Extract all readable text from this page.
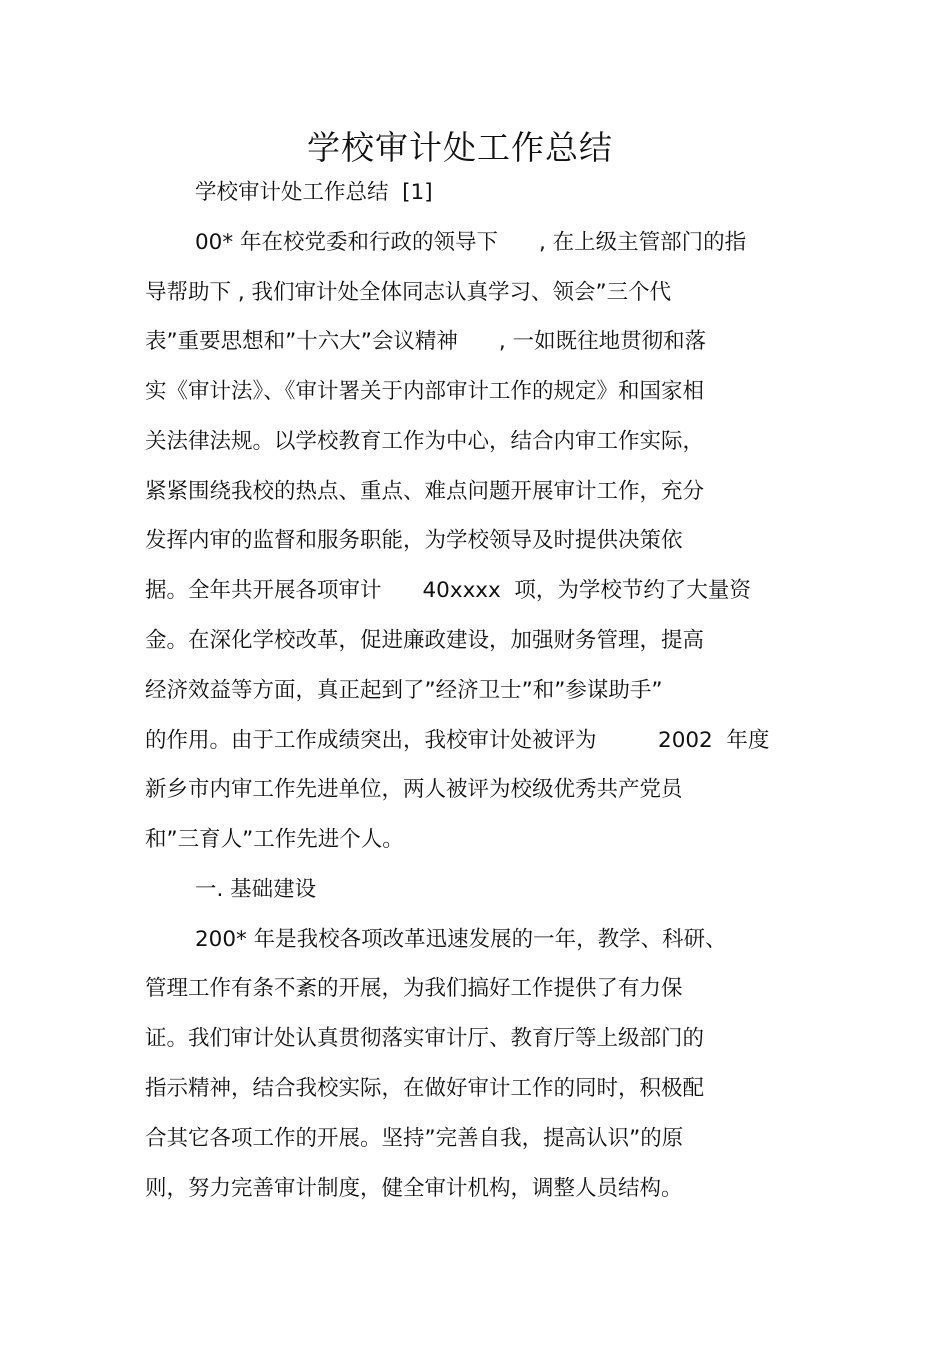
学校审计处工作总结
学校审计处工作总结  [1]
00* 年在校党委和行政的领导下      , 在上级主管部门的指
导帮助下 , 我们审计处全体同志认真学习、领会”三个代
表”重要思想和”十六大”会议精神      , 一如既往地贯彻和落
实《审计法》、《审计署关于内部审计工作的规定》和国家相
关法律法规。以学校教育工作为中心，结合内审工作实际，
紧紧围绕我校的热点、重点、难点问题开展审计工作，充分
发挥内审的监督和服务职能，为学校领导及时提供决策依
据。全年共开展各项审计      40xxxx  项，为学校节约了大量资
金。在深化学校改革，促进廉政建设，加强财务管理，提高
经济效益等方面，真正起到了”经济卫士”和”参谋助手”
的作用。由于工作成绩突出，我校审计处被评为         2002  年度
新乡市内审工作先进单位，两人被评为校级优秀共产党员
和”三育人”工作先进个人。
一. 基础建设
200* 年是我校各项改革迅速发展的一年，教学、科研、
管理工作有条不紊的开展，为我们搞好工作提供了有力保
证。我们审计处认真贯彻落实审计厅、教育厅等上级部门的
指示精神，结合我校实际，在做好审计工作的同时，积极配
合其它各项工作的开展。坚持”完善自我，提高认识”的原
则，努力完善审计制度，健全审计机构，调整人员结构。
